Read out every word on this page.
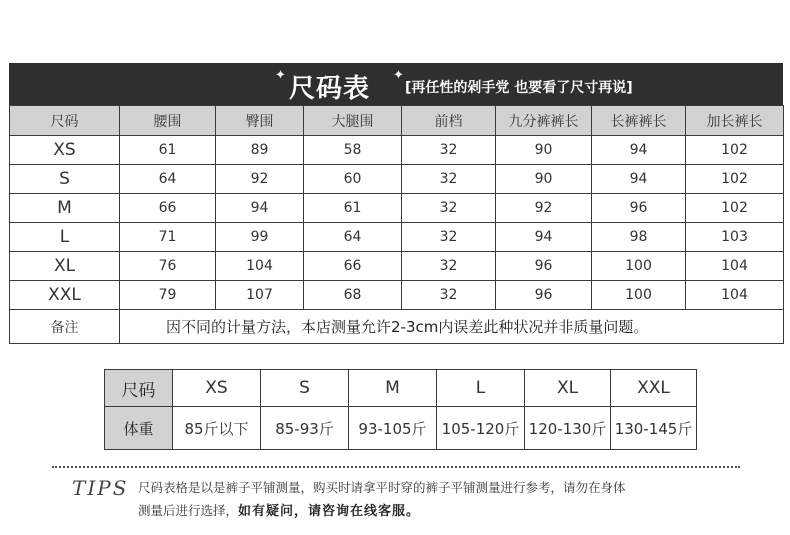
✦ 尺码表 ✦
[再任性的剁手党 也要看了尺寸再说]
尺码	腰围	臀围	大腿围	前档	九分裤裤长	长裤裤长	加长裤长
XS	61	89	58	32	90	94	102
S	64	92	60	32	90	94	102
M	66	94	61	32	92	96	102
L	71	99	64	32	94	98	103
XL	76	104	66	32	96	100	104
XXL	79	107	68	32	96	100	104
备注	因不同的计量方法，本店测量允许2-3cm内误差此种状况并非质量问题。						
尺码	XS	S	M	L	XL	XXL
体重	85斤以下	85-93斤	93-105斤	105-120斤	120-130斤	130-145斤
TIPS 尺码表格是以是裤子平铺测量，购买时请拿平时穿的裤子平铺测量进行参考，请勿在身体
测量后进行选择，如有疑问，请咨询在线客服。
